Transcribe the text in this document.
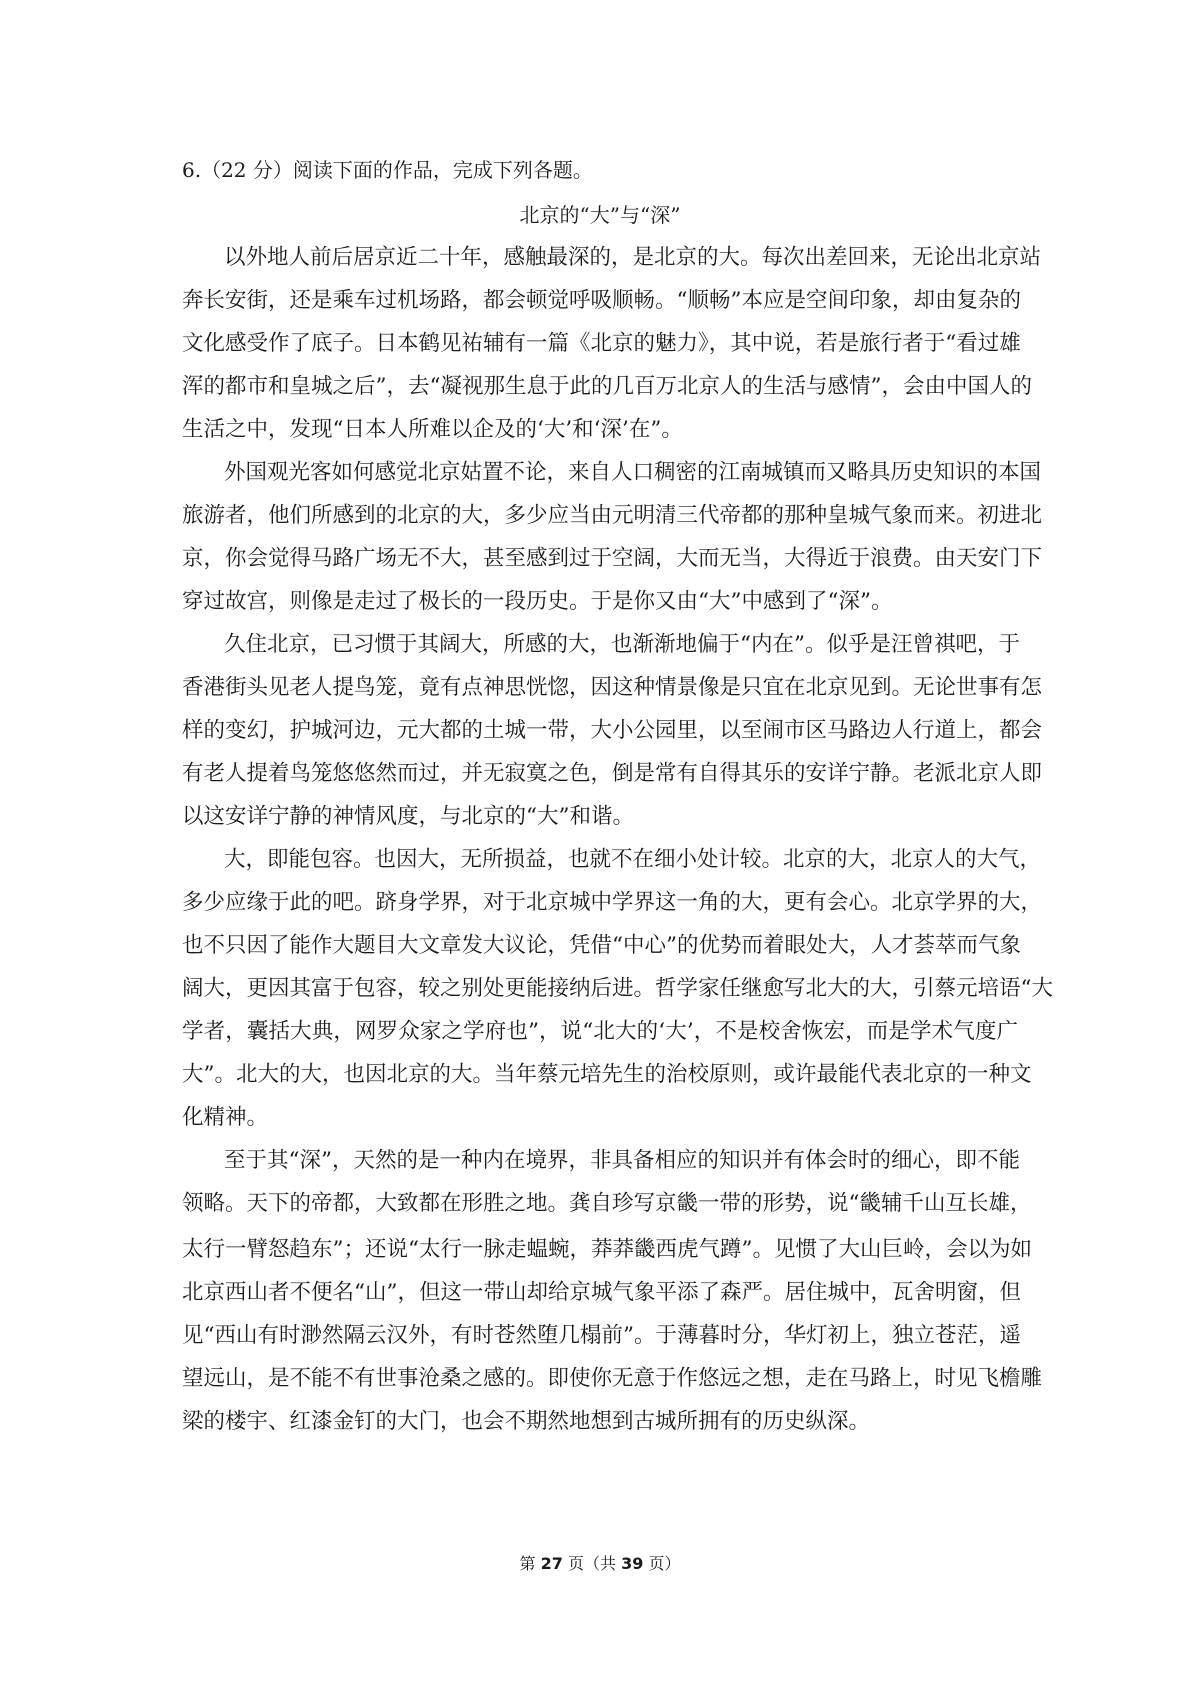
6.（22 分）阅读下面的作品，完成下列各题。
北京的“大”与“深”
以外地人前后居京近二十年，感触最深的，是北京的大。每次出差回来，无论出北京站
奔长安街，还是乘车过机场路，都会顿觉呼吸顺畅。“顺畅”本应是空间印象，却由复杂的
文化感受作了底子。日本鹤见祐辅有一篇《北京的魅力》，其中说，若是旅行者于“看过雄
浑的都市和皇城之后”，去“凝视那生息于此的几百万北京人的生活与感情”，会由中国人的
生活之中，发现“日本人所难以企及的‘大’和‘深’在”。
外国观光客如何感觉北京姑置不论，来自人口稠密的江南城镇而又略具历史知识的本国
旅游者，他们所感到的北京的大，多少应当由元明清三代帝都的那种皇城气象而来。初进北
京，你会觉得马路广场无不大，甚至感到过于空阔，大而无当，大得近于浪费。由天安门下
穿过故宫，则像是走过了极长的一段历史。于是你又由“大”中感到了“深”。
久住北京，已习惯于其阔大，所感的大，也渐渐地偏于“内在”。似乎是汪曾祺吧，于
香港街头见老人提鸟笼，竟有点神思恍惚，因这种情景像是只宜在北京见到。无论世事有怎
样的变幻，护城河边，元大都的土城一带，大小公园里，以至闹市区马路边人行道上，都会
有老人提着鸟笼悠悠然而过，并无寂寞之色，倒是常有自得其乐的安详宁静。老派北京人即
以这安详宁静的神情风度，与北京的“大”和谐。
大，即能包容。也因大，无所损益，也就不在细小处计较。北京的大，北京人的大气，
多少应缘于此的吧。跻身学界，对于北京城中学界这一角的大，更有会心。北京学界的大，
也不只因了能作大题目大文章发大议论，凭借“中心”的优势而着眼处大，人才荟萃而气象
阔大，更因其富于包容，较之别处更能接纳后进。哲学家任继愈写北大的大，引蔡元培语“大
学者，囊括大典，网罗众家之学府也”，说“北大的‘大’，不是校舍恢宏，而是学术气度广
大”。北大的大，也因北京的大。当年蔡元培先生的治校原则，或许最能代表北京的一种文
化精神。
至于其“深”，天然的是一种内在境界，非具备相应的知识并有体会时的细心，即不能
领略。天下的帝都，大致都在形胜之地。龚自珍写京畿一带的形势，说“畿辅千山互长雄，
太行一臂怒趋东”；还说“太行一脉走蝹蜿，莽莽畿西虎气蹲”。见惯了大山巨岭，会以为如
北京西山者不便名“山”，但这一带山却给京城气象平添了森严。居住城中，瓦舍明窗，但
见“西山有时渺然隔云汉外，有时苍然堕几榻前”。于薄暮时分，华灯初上，独立苍茫，遥
望远山，是不能不有世事沧桑之感的。即使你无意于作悠远之想，走在马路上，时见飞檐雕
梁的楼宇、红漆金钉的大门，也会不期然地想到古城所拥有的历史纵深。
第 27 页（共 39 页）
